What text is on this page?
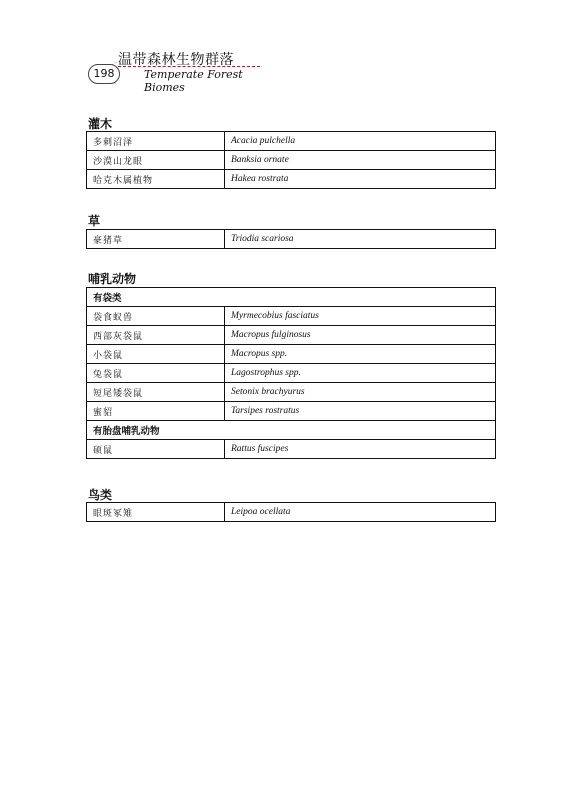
198
温带森林生物群落
Temperate Forest Biomes
灌木
多刺沼泽	Acacia pulchella
沙漠山龙眼	Banksia ornate
哈克木属植物	Hakea rostrata
草
豪猪草	Triodia scariosa
哺乳动物
有袋类	
袋食蚁兽	Myrmecobius fasciatus
西部灰袋鼠	Macropus fulginosus
小袋鼠	Macropus spp.
兔袋鼠	Lagostrophus spp.
短尾矮袋鼠	Setonix brachyurus
蜜貂	Tarsipes rostratus
有胎盘哺乳动物	
硕鼠	Rattus fuscipes
鸟类
眼斑冢雉	Leipoa ocellata
